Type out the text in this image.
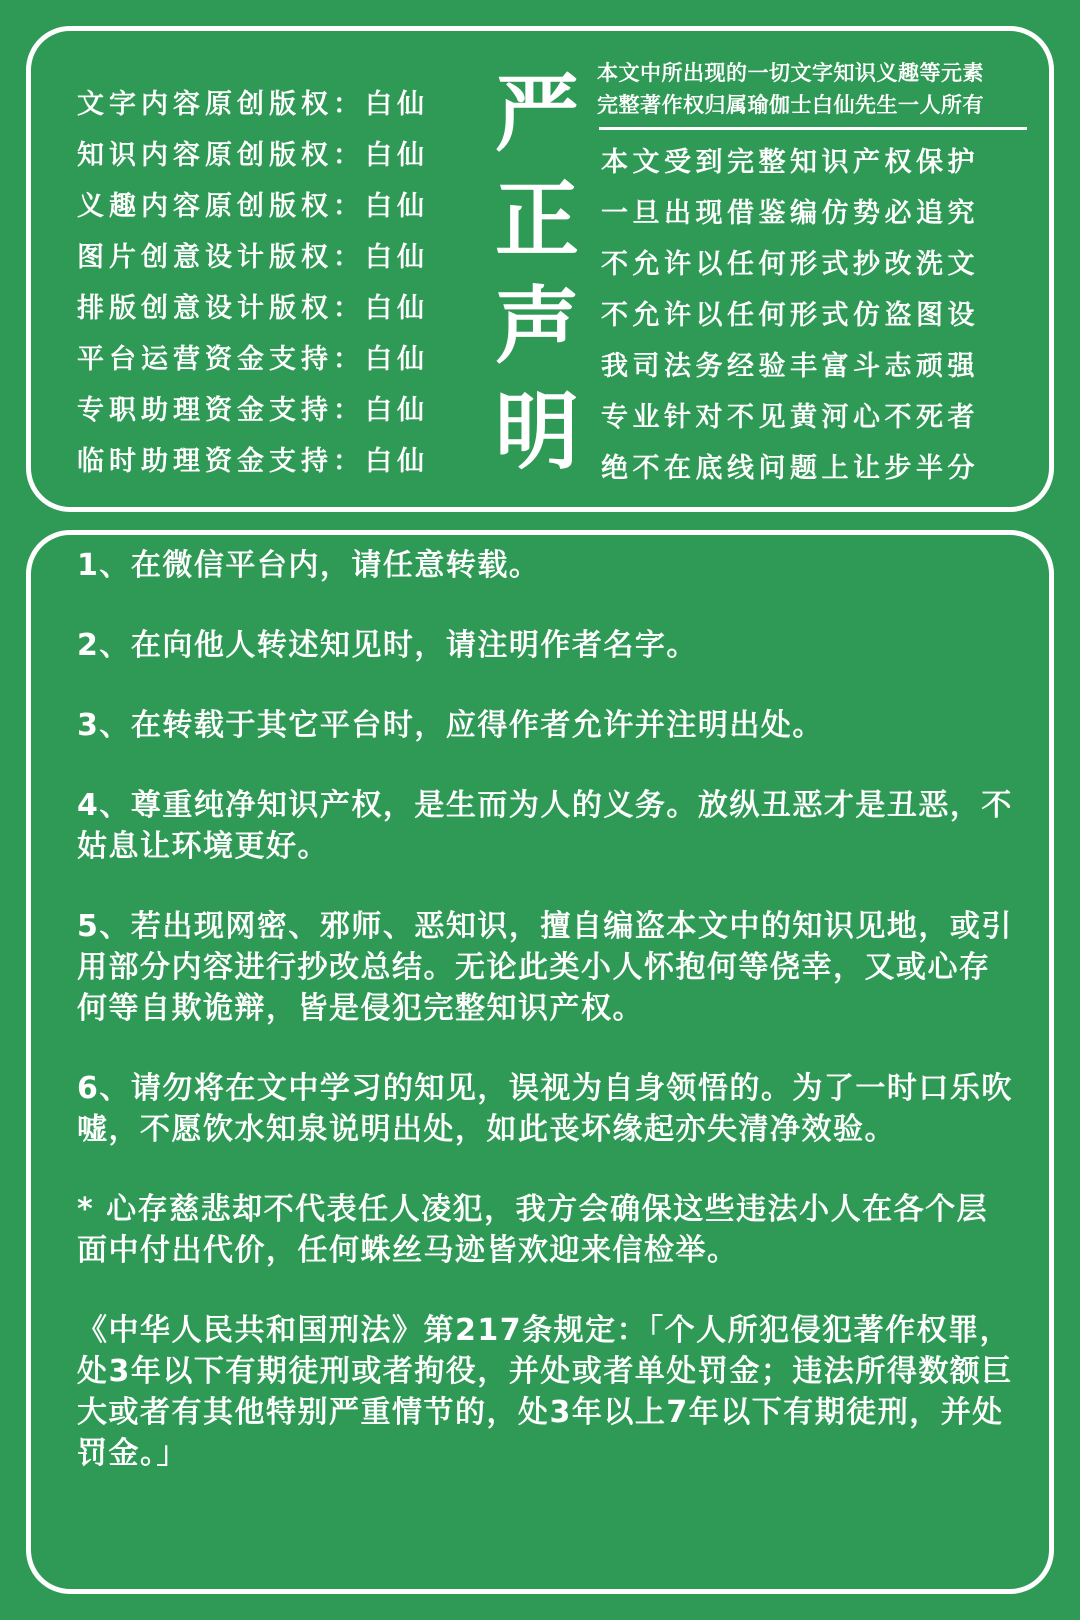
文字内容原创版权：白仙
知识内容原创版权：白仙
义趣内容原创版权：白仙
图片创意设计版权：白仙
排版创意设计版权：白仙
平台运营资金支持：白仙
专职助理资金支持：白仙
临时助理资金支持：白仙
严
正
声
明
本文中所出现的一切文字知识义趣等元素
完整著作权归属瑜伽士白仙先生一人所有
本文受到完整知识产权保护
一旦出现借鉴编仿势必追究
不允许以任何形式抄改洗文
不允许以任何形式仿盗图设
我司法务经验丰富斗志顽强
专业针对不见黄河心不死者
绝不在底线问题上让步半分

1、在微信平台内，请任意转载。

2、在向他人转述知见时，请注明作者名字。

3、在转载于其它平台时，应得作者允许并注明出处。

4、尊重纯净知识产权，是生而为人的义务。放纵丑恶才是丑恶，不姑息让环境更好。

5、若出现网密、邪师、恶知识，擅自编盗本文中的知识见地，或引用部分内容进行抄改总结。无论此类小人怀抱何等侥幸，又或心存何等自欺诡辩，皆是侵犯完整知识产权。

6、请勿将在文中学习的知见，误视为自身领悟的。为了一时口乐吹嘘，不愿饮水知泉说明出处，如此丧坏缘起亦失清净效验。

* 心存慈悲却不代表任人凌犯，我方会确保这些违法小人在各个层面中付出代价，任何蛛丝马迹皆欢迎来信检举。

《中华人民共和国刑法》第217条规定：「个人所犯侵犯著作权罪，处3年以下有期徒刑或者拘役，并处或者单处罚金；违法所得数额巨大或者有其他特别严重情节的，处3年以上7年以下有期徒刑，并处罚金。」
